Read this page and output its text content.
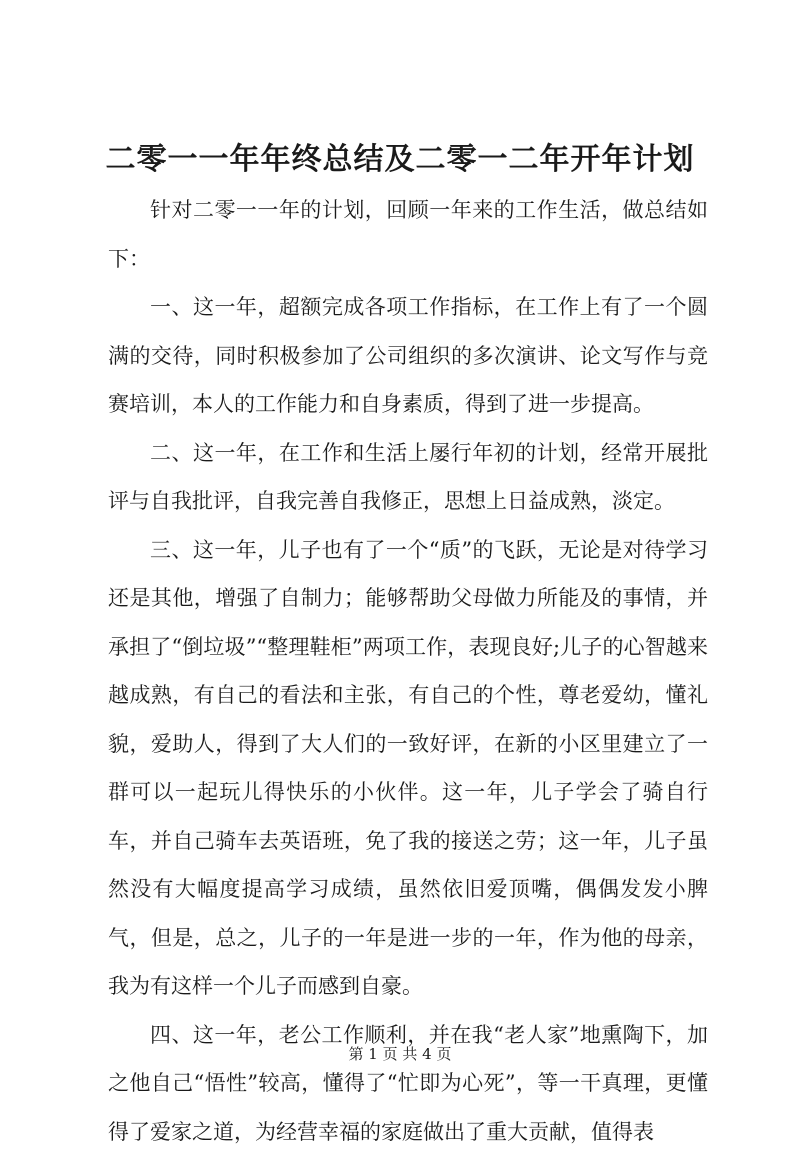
二零一一年年终总结及二零一二年开年计划

针对二零一一年的计划，回顾一年来的工作生活，做总结如下：

一、这一年，超额完成各项工作指标，在工作上有了一个圆满的交待，同时积极参加了公司组织的多次演讲、论文写作与竞赛培训，本人的工作能力和自身素质，得到了进一步提高。

二、这一年，在工作和生活上屡行年初的计划，经常开展批评与自我批评，自我完善自我修正，思想上日益成熟，淡定。

三、这一年，儿子也有了一个“质”的飞跃，无论是对待学习还是其他，增强了自制力；能够帮助父母做力所能及的事情，并承担了“倒垃圾”“整理鞋柜”两项工作，表现良好;儿子的心智越来越成熟，有自己的看法和主张，有自己的个性，尊老爱幼，懂礼貌，爱助人，得到了大人们的一致好评，在新的小区里建立了一群可以一起玩儿得快乐的小伙伴。这一年，儿子学会了骑自行车，并自己骑车去英语班，免了我的接送之劳；这一年，儿子虽然没有大幅度提高学习成绩，虽然依旧爱顶嘴，偶偶发发小脾气，但是，总之，儿子的一年是进一步的一年，作为他的母亲，我为有这样一个儿子而感到自豪。

四、这一年，老公工作顺利，并在我“老人家”地熏陶下，加之他自己“悟性”较高，懂得了“忙即为心死”，等一干真理，更懂得了爱家之道，为经营幸福的家庭做出了重大贡献，值得表

第 1 页 共 4 页
